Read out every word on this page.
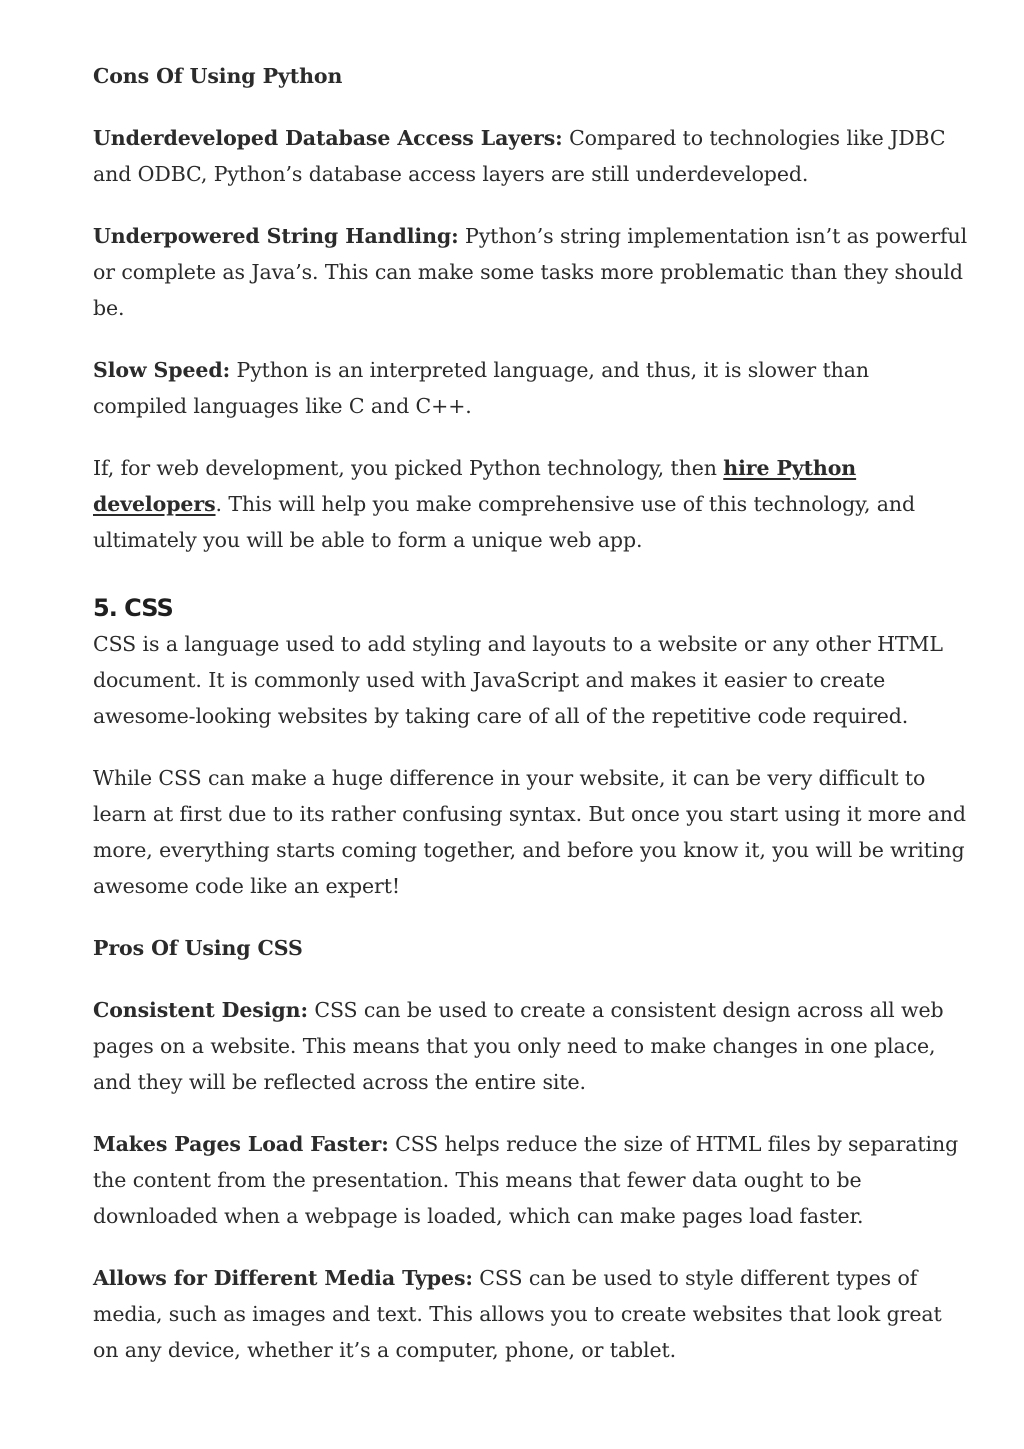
Cons Of Using Python

Underdeveloped Database Access Layers: Compared to technologies like JDBC and ODBC, Python’s database access layers are still underdeveloped.

Underpowered String Handling: Python’s string implementation isn’t as powerful or complete as Java’s. This can make some tasks more problematic than they should be.

Slow Speed: Python is an interpreted language, and thus, it is slower than compiled languages like C and C++.

If, for web development, you picked Python technology, then hire Python developers. This will help you make comprehensive use of this technology, and ultimately you will be able to form a unique web app.

5. CSS

CSS is a language used to add styling and layouts to a website or any other HTML document. It is commonly used with JavaScript and makes it easier to create awesome-looking websites by taking care of all of the repetitive code required.

While CSS can make a huge difference in your website, it can be very difficult to learn at first due to its rather confusing syntax. But once you start using it more and more, everything starts coming together, and before you know it, you will be writing awesome code like an expert!

Pros Of Using CSS

Consistent Design: CSS can be used to create a consistent design across all web pages on a website. This means that you only need to make changes in one place, and they will be reflected across the entire site.

Makes Pages Load Faster: CSS helps reduce the size of HTML files by separating the content from the presentation. This means that fewer data ought to be downloaded when a webpage is loaded, which can make pages load faster.

Allows for Different Media Types: CSS can be used to style different types of media, such as images and text. This allows you to create websites that look great on any device, whether it’s a computer, phone, or tablet.
